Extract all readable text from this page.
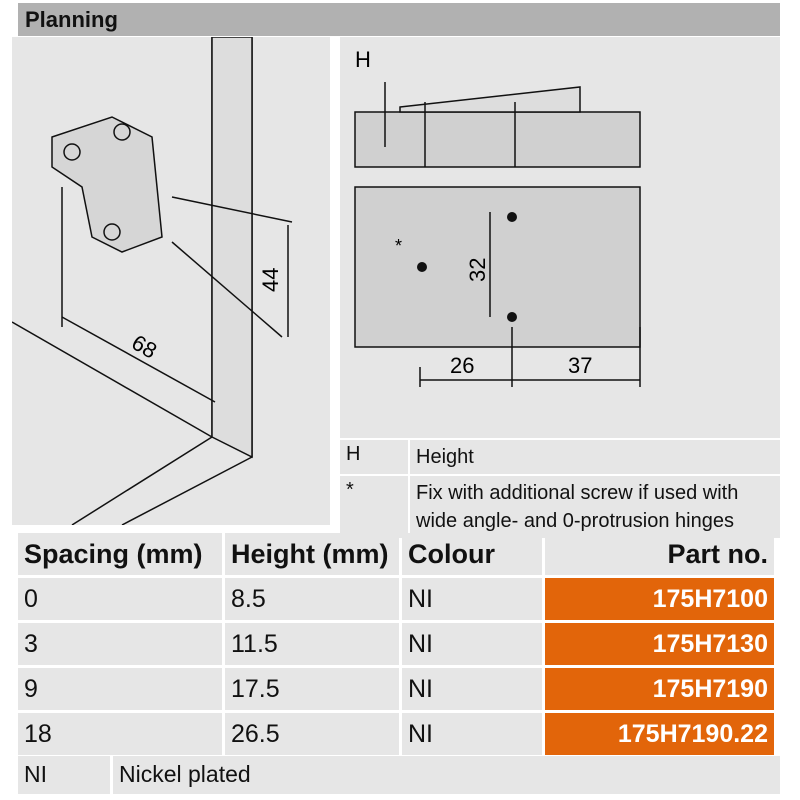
Planning
68
44
H
*
32
26	37
H	Height
*	Fix with additional screw if used with wide angle- and 0-protrusion hinges
Spacing (mm)	Height (mm)	Colour	Part no.
0	8.5	NI	175H7100
3	11.5	NI	175H7130
9	17.5	NI	175H7190
18	26.5	NI	175H7190.22
NI	Nickel plated
